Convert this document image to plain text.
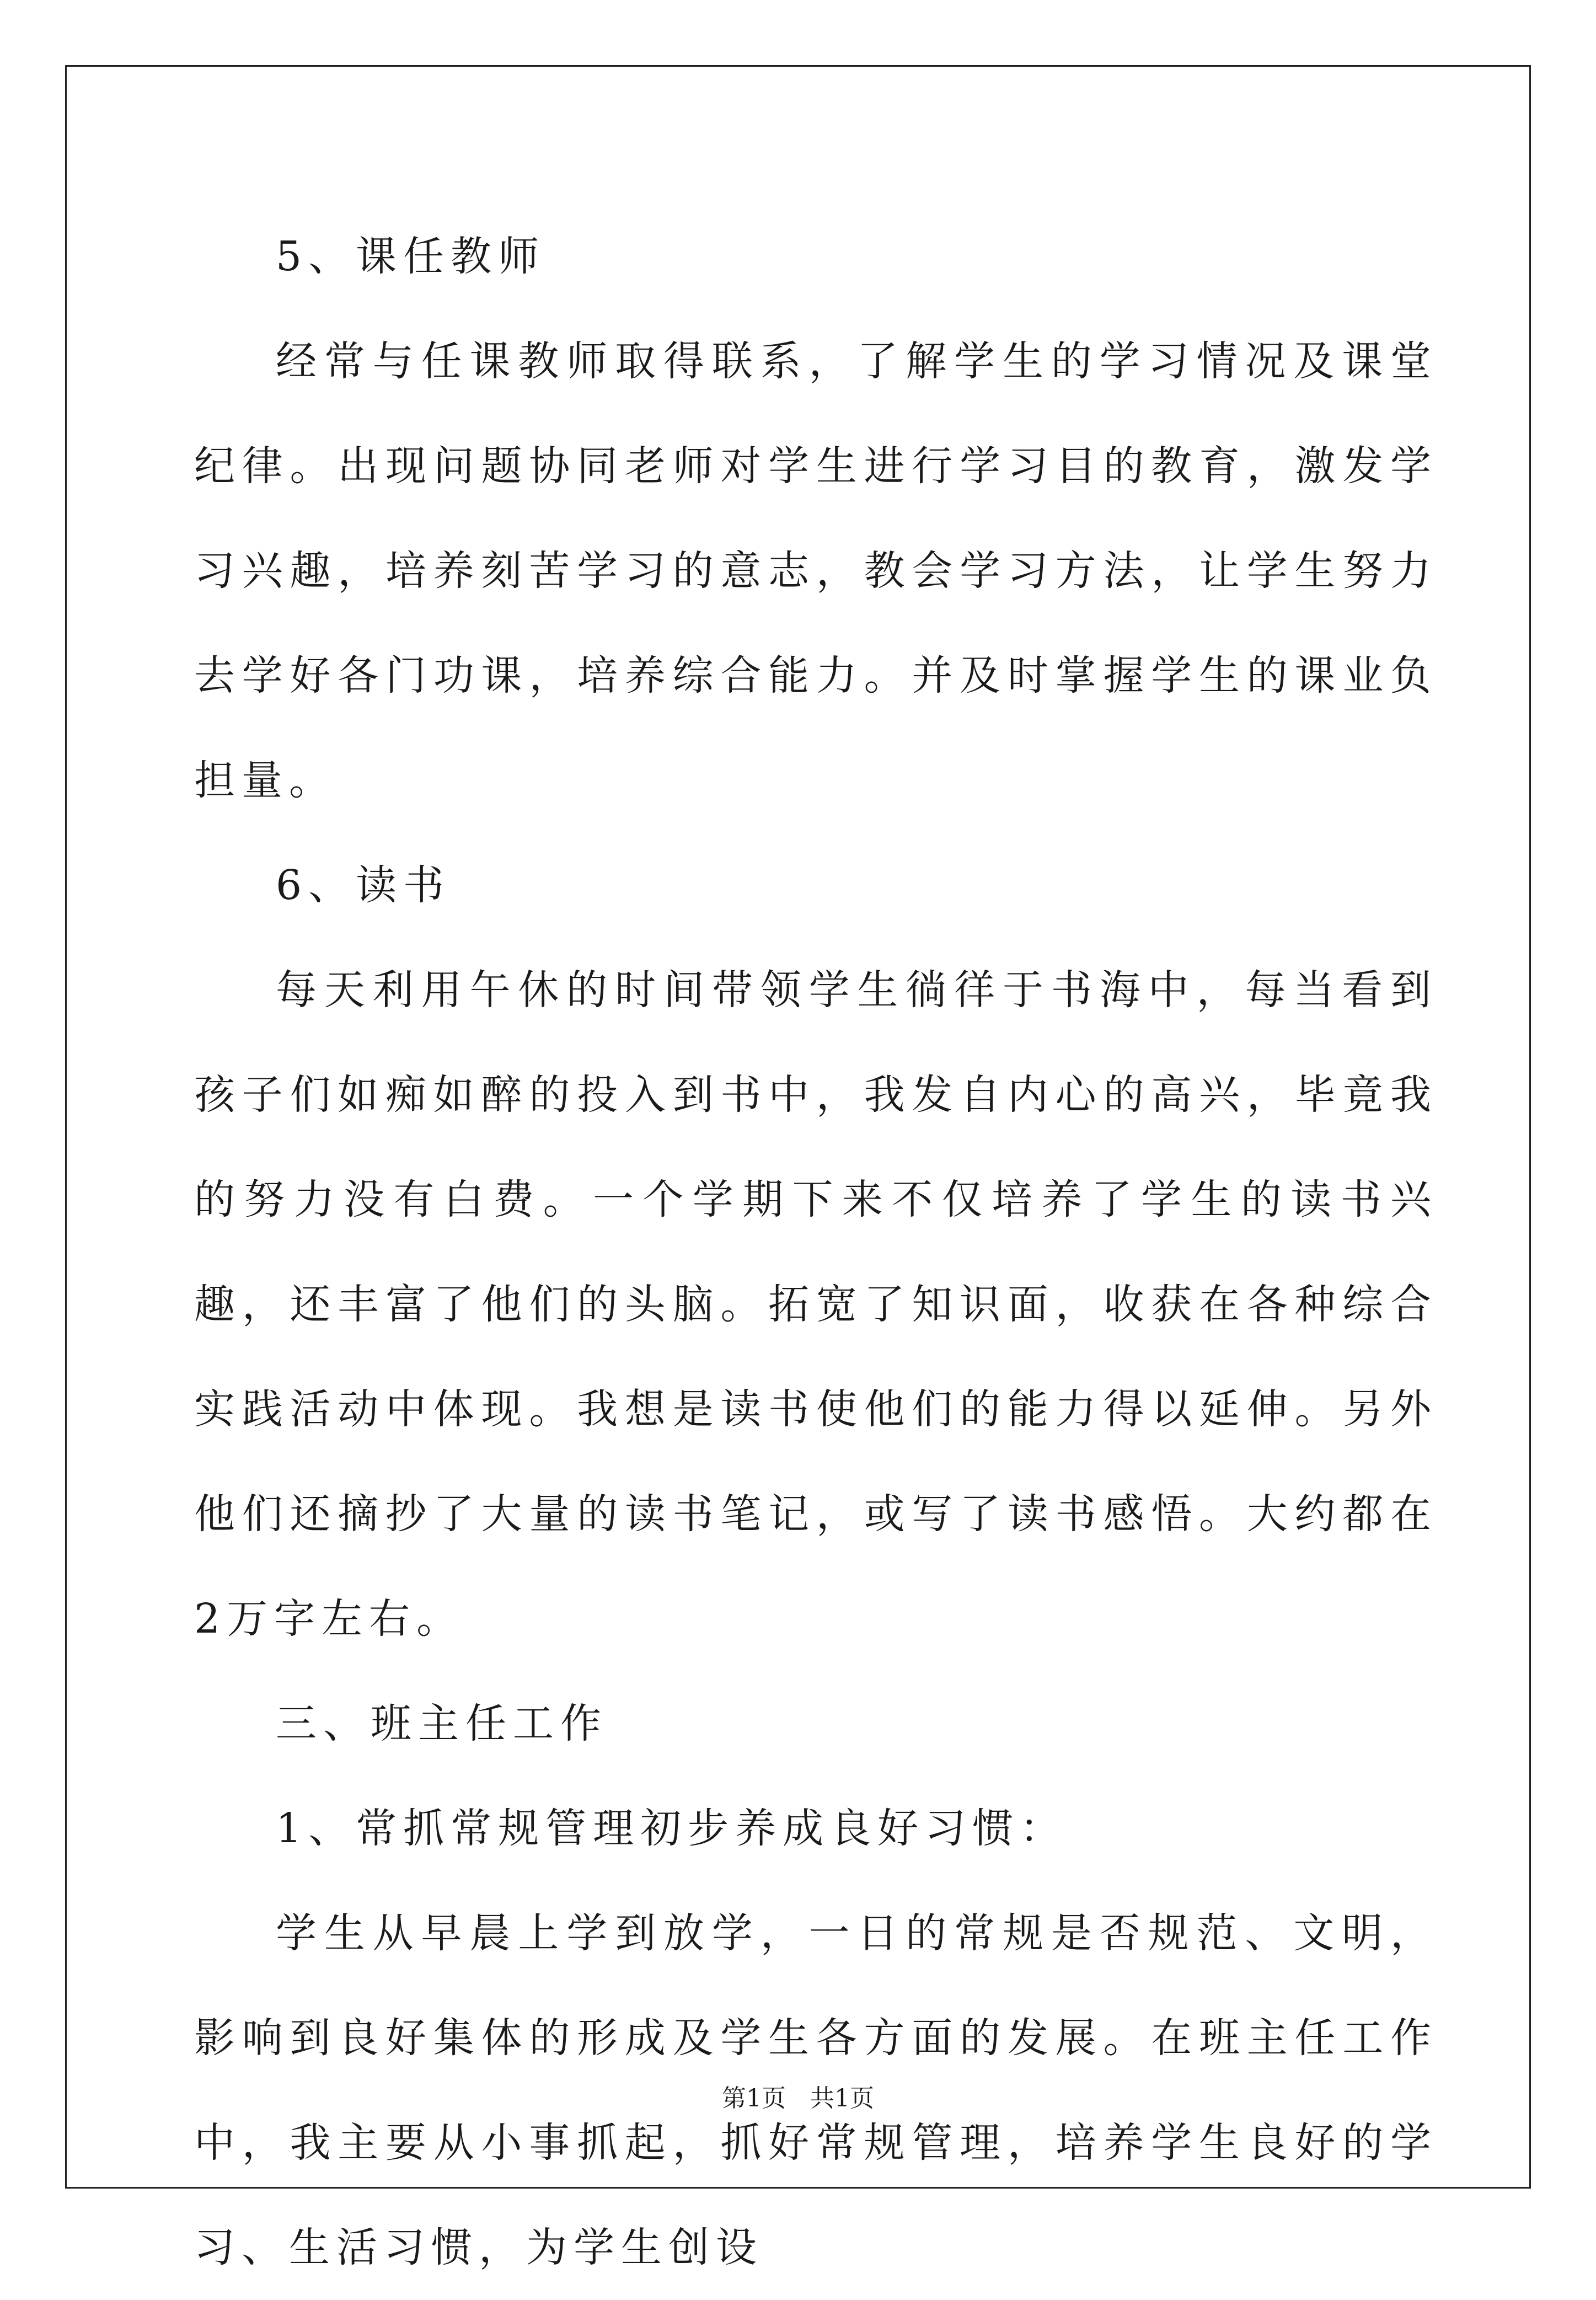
5、课任教师

经常与任课教师取得联系，了解学生的学习情况及课堂纪律。出现问题协同老师对学生进行学习目的教育，激发学习兴趣，培养刻苦学习的意志，教会学习方法，让学生努力去学好各门功课，培养综合能力。并及时掌握学生的课业负担量。

6、读书

每天利用午休的时间带领学生徜徉于书海中，每当看到孩子们如痴如醉的投入到书中，我发自内心的高兴，毕竟我的努力没有白费。一个学期下来不仅培养了学生的读书兴趣，还丰富了他们的头脑。拓宽了知识面，收获在各种综合实践活动中体现。我想是读书使他们的能力得以延伸。另外他们还摘抄了大量的读书笔记，或写了读书感悟。大约都在2万字左右。

三、班主任工作

1、常抓常规管理初步养成良好习惯：

学生从早晨上学到放学，一日的常规是否规范、文明，影响到良好集体的形成及学生各方面的发展。在班主任工作中，我主要从小事抓起，抓好常规管理，培养学生良好的学习、生活习惯，为学生创设

第1页　共1页
